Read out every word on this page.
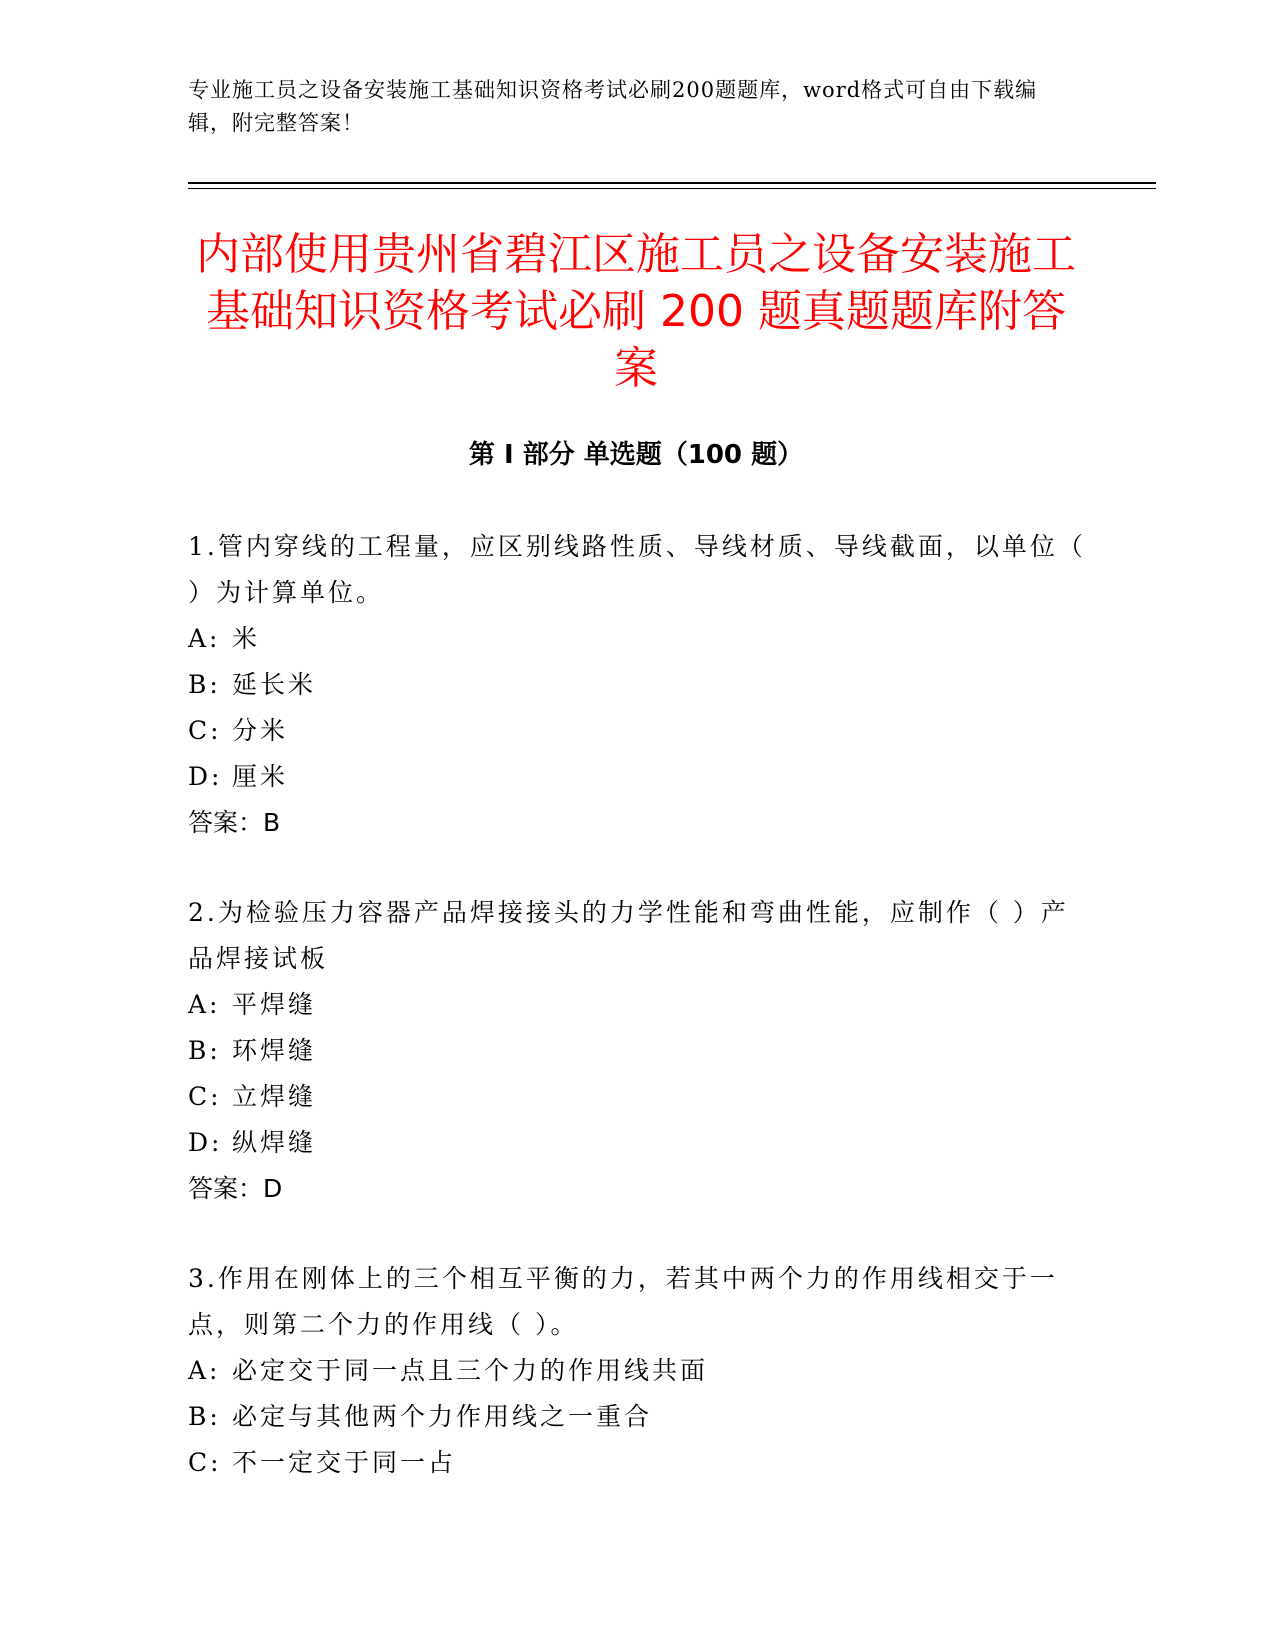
专业施工员之设备安装施工基础知识资格考试必刷200题题库，word格式可自由下载编辑，附完整答案！
内部使用贵州省碧江区施工员之设备安装施工基础知识资格考试必刷 200 题真题题库附答案
第 I 部分 单选题（100 题）
1.管内穿线的工程量，应区别线路性质、导线材质、导线截面，以单位（ ）为计算单位。
A: 米
B: 延长米
C: 分米
D: 厘米
答案：B
2.为检验压力容器产品焊接接头的力学性能和弯曲性能，应制作（ ）产品焊接试板
A: 平焊缝
B: 环焊缝
C: 立焊缝
D: 纵焊缝
答案：D
3.作用在刚体上的三个相互平衡的力，若其中两个力的作用线相交于一点，则第二个力的作用线（ ）。
A: 必定交于同一点且三个力的作用线共面
B: 必定与其他两个力作用线之一重合
C: 不一定交于同一占
